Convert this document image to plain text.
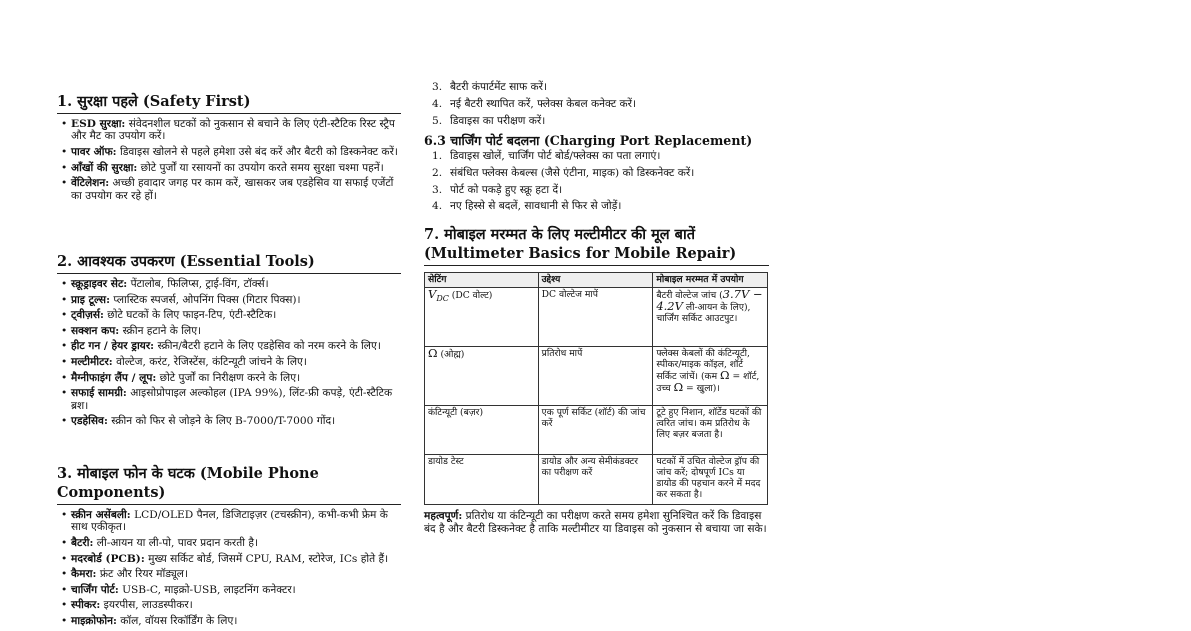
1. सुरक्षा पहले (Safety First)
• ESD सुरक्षा: संवेदनशील घटकों को नुकसान से बचाने के लिए एंटी-स्टैटिक रिस्ट स्ट्रैप और मैट का उपयोग करें।
• पावर ऑफ: डिवाइस खोलने से पहले हमेशा उसे बंद करें और बैटरी को डिस्कनेक्ट करें।
• आँखों की सुरक्षा: छोटे पुर्जों या रसायनों का उपयोग करते समय सुरक्षा चश्मा पहनें।
• वेंटिलेशन: अच्छी हवादार जगह पर काम करें, खासकर जब एडहेसिव या सफाई एजेंटों का उपयोग कर रहे हों।
2. आवश्यक उपकरण (Essential Tools)
• स्क्रूड्राइवर सेट: पेंटालोब, फिलिप्स, ट्राई-विंग, टॉर्क्स।
• प्राइ टूल्स: प्लास्टिक स्पजर्स, ओपनिंग पिक्स (गिटार पिक्स)।
• ट्वीज़र्स: छोटे घटकों के लिए फाइन-टिप, एंटी-स्टैटिक।
• सक्शन कप: स्क्रीन हटाने के लिए।
• हीट गन / हेयर ड्रायर: स्क्रीन/बैटरी हटाने के लिए एडहेसिव को नरम करने के लिए।
• मल्टीमीटर: वोल्टेज, करंट, रेजिस्टेंस, कंटिन्यूटी जांचने के लिए।
• मैग्नीफाइंग लैंप / लूप: छोटे पुर्जों का निरीक्षण करने के लिए।
• सफाई सामग्री: आइसोप्रोपाइल अल्कोहल (IPA 99%), लिंट-फ्री कपड़े, एंटी-स्टैटिक ब्रश।
• एडहेसिव: स्क्रीन को फिर से जोड़ने के लिए B-7000/T-7000 गोंद।
3. मोबाइल फोन के घटक (Mobile Phone Components)
• स्क्रीन असेंबली: LCD/OLED पैनल, डिजिटाइज़र (टचस्क्रीन), कभी-कभी फ्रेम के साथ एकीकृत।
• बैटरी: ली-आयन या ली-पो, पावर प्रदान करती है।
• मदरबोर्ड (PCB): मुख्य सर्किट बोर्ड, जिसमें CPU, RAM, स्टोरेज, ICs होते हैं।
• कैमरा: फ्रंट और रियर मॉड्यूल।
• चार्जिंग पोर्ट: USB-C, माइक्रो-USB, लाइटनिंग कनेक्टर।
• स्पीकर: इयरपीस, लाउडस्पीकर।
• माइक्रोफोन: कॉल, वॉयस रिकॉर्डिंग के लिए।
3. बैटरी कंपार्टमेंट साफ करें।
4. नई बैटरी स्थापित करें, फ्लेक्स केबल कनेक्ट करें।
5. डिवाइस का परीक्षण करें।
6.3 चार्जिंग पोर्ट बदलना (Charging Port Replacement)
1. डिवाइस खोलें, चार्जिंग पोर्ट बोर्ड/फ्लेक्स का पता लगाएं।
2. संबंधित फ्लेक्स केबल्स (जैसे एंटीना, माइक) को डिस्कनेक्ट करें।
3. पोर्ट को पकड़े हुए स्क्रू हटा दें।
4. नए हिस्से से बदलें, सावधानी से फिर से जोड़ें।
7. मोबाइल मरम्मत के लिए मल्टीमीटर की मूल बातें
(Multimeter Basics for Mobile Repair)
सेटिंग	उद्देश्य	मोबाइल मरम्मत में उपयोग
$V_{DC}$ (DC वोल्ट)	DC वोल्टेज मापें	बैटरी वोल्टेज जांच (3.7V − 4.2V ली-आयन के लिए), चार्जिंग सर्किट आउटपुट।
Ω (ओह्म)	प्रतिरोध मापें	फ्लेक्स केबलों की कंटिन्यूटी, स्पीकर/माइक कॉइल, शॉर्ट सर्किट जांचें। (कम Ω = शॉर्ट, उच्च Ω = खुला)।
कंटिन्यूटी (बज़र)	एक पूर्ण सर्किट (शॉर्ट) की जांच करें	टूटे हुए निशान, शॉर्टेड घटकों की त्वरित जांच। कम प्रतिरोध के लिए बज़र बजता है।
डायोड टेस्ट	डायोड और अन्य सेमीकंडक्टर का परीक्षण करें	घटकों में उचित वोल्टेज ड्रॉप की जांच करें; दोषपूर्ण ICs या डायोड की पहचान करने में मदद कर सकता है।

महत्वपूर्ण: प्रतिरोध या कंटिन्यूटी का परीक्षण करते समय हमेशा सुनिश्चित करें कि डिवाइस बंद है और बैटरी डिस्कनेक्ट है ताकि मल्टीमीटर या डिवाइस को नुकसान से बचाया जा सके।
